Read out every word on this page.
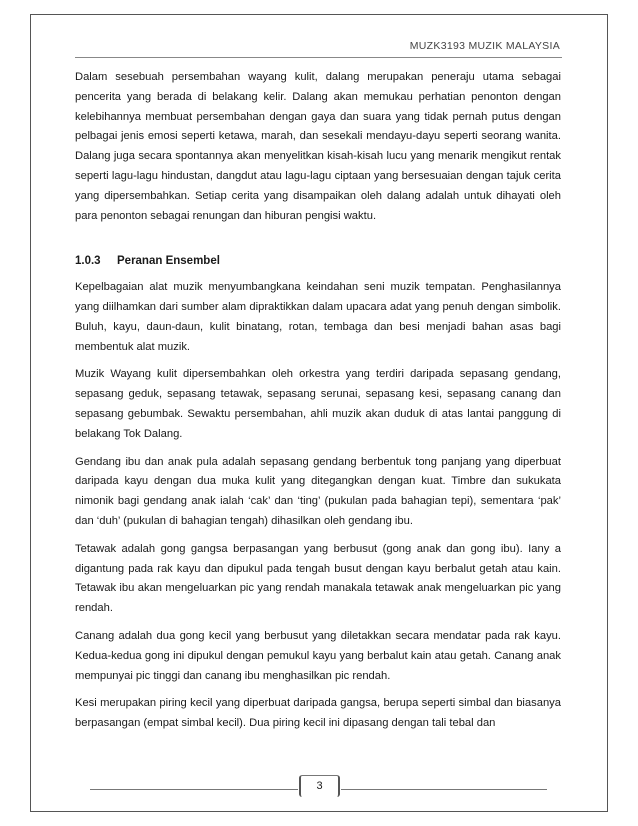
MUZK3193 MUZIK MALAYSIA

Dalam sesebuah persembahan wayang kulit, dalang merupakan peneraju utama sebagai pencerita yang berada di belakang kelir. Dalang akan memukau perhatian penonton dengan kelebihannya membuat persembahan dengan gaya dan suara yang tidak pernah putus dengan pelbagai jenis emosi seperti ketawa, marah, dan sesekali mendayu-dayu seperti seorang wanita. Dalang juga secara spontannya akan menyelitkan kisah-kisah lucu yang menarik mengikut rentak seperti lagu-lagu hindustan, dangdut atau lagu-lagu ciptaan yang bersesuaian dengan tajuk cerita yang dipersembahkan. Setiap cerita yang disampaikan oleh dalang adalah untuk dihayati oleh para penonton sebagai renungan dan hiburan pengisi waktu.

1.0.3 Peranan Ensembel

Kepelbagaian alat muzik menyumbangkana keindahan seni muzik tempatan. Penghasilannya yang diilhamkan dari sumber alam dipraktikkan dalam upacara adat yang penuh dengan simbolik. Buluh, kayu, daun-daun, kulit binatang, rotan, tembaga dan besi menjadi bahan asas bagi membentuk alat muzik.

Muzik Wayang kulit dipersembahkan oleh orkestra yang terdiri daripada sepasang gendang, sepasang geduk, sepasang tetawak, sepasang serunai, sepasang kesi, sepasang canang dan sepasang gebumbak. Sewaktu persembahan, ahli muzik akan duduk di atas lantai panggung di belakang Tok Dalang.

Gendang ibu dan anak pula adalah sepasang gendang berbentuk tong panjang yang diperbuat daripada kayu dengan dua muka kulit yang ditegangkan dengan kuat. Timbre dan sukukata nimonik bagi gendang anak ialah ‘cak’ dan ‘ting’ (pukulan pada bahagian tepi), sementara ‘pak’ dan ‘duh’ (pukulan di bahagian tengah) dihasilkan oleh gendang ibu.

Tetawak adalah gong gangsa berpasangan yang berbusut (gong anak dan gong ibu). Iany a digantung pada rak kayu dan dipukul pada tengah busut dengan kayu berbalut getah atau kain. Tetawak ibu akan mengeluarkan pic yang rendah manakala tetawak anak mengeluarkan pic yang rendah.

Canang adalah dua gong kecil yang berbusut yang diletakkan secara mendatar pada rak kayu. Kedua-kedua gong ini dipukul dengan pemukul kayu yang berbalut kain atau getah. Canang anak mempunyai pic tinggi dan canang ibu menghasilkan pic rendah.

Kesi merupakan piring kecil yang diperbuat daripada gangsa, berupa seperti simbal dan biasanya berpasangan (empat simbal kecil). Dua piring kecil ini dipasang dengan tali tebal dan

3
